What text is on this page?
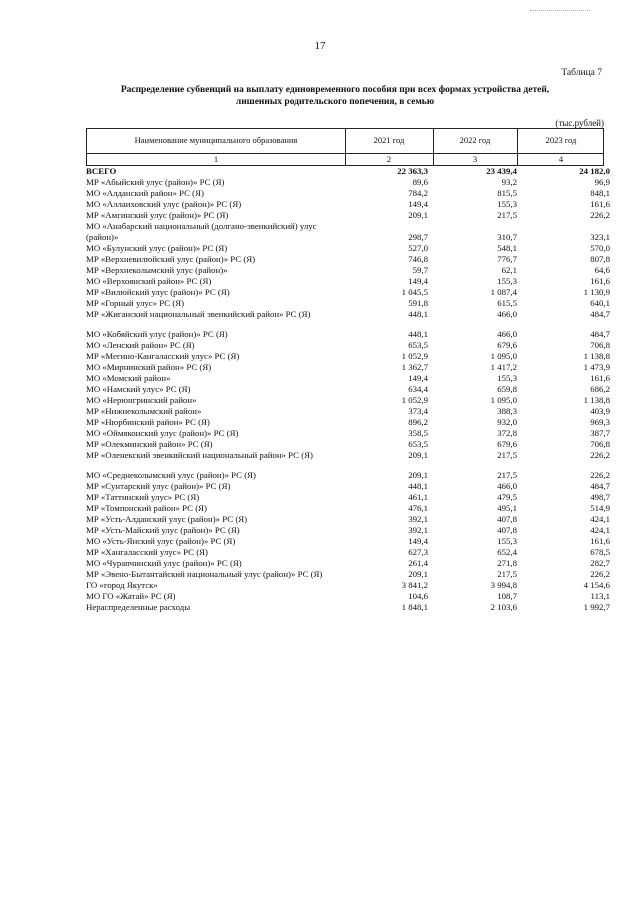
17
Таблица 7
Распределение субвенций на выплату единовременного пособия при всех формах устройства детей, лишенных родительского попечения, в семью
(тыс.рублей)
Наименование муниципального образования	2021 год	2022 год	2023 год
1	2	3	4
ВСЕГО	22 363,3	23 439,4	24 182,0
МР «Абыйский улус (район)» РС (Я)	89,6	93,2	96,9
МО «Алданский район» РС (Я)	784,2	815,5	848,1
МО «Аллаиховский улус (район)» РС (Я)	149,4	155,3	161,6
МР «Амгинский улус (район)» РС (Я)	209,1	217,5	226,2
МО «Анабарский национальный (долгано-эвенкийский) улус (район)»	298,7	310,7	323,1
МО «Булунский улус (район)» РС (Я)	527,0	548,1	570,0
МР «Верхневилюйский улус (район)» РС (Я)	746,8	776,7	807,8
МР «Верхнеколымский улус (район)»	59,7	62,1	64,6
МО «Верхоянский район» РС (Я)	149,4	155,3	161,6
МР «Вилюйский улус (район)» РС (Я)	1 045,5	1 087,4	1 130,9
МР «Горный улус» РС (Я)	591,8	615,5	640,1
МР «Жиганский национальный эвенкийский район» РС (Я)	448,1	466,0	484,7
МО «Кобяйский улус (район)» РС (Я)	448,1	466,0	484,7
МО «Ленский район» РС (Я)	653,5	679,6	706,8
МР «Мегино-Кангаласский улус» РС (Я)	1 052,9	1 095,0	1 138,8
МО «Мирнинский район» РС (Я)	1 362,7	1 417,2	1 473,9
МО «Момский район»	149,4	155,3	161,6
МО «Намский улус» РС (Я)	634,4	659,8	686,2
МО «Нерюнгринский район»	1 052,9	1 095,0	1 138,8
МР «Нижнеколымский район»	373,4	388,3	403,9
МР «Нюрбинский район» РС (Я)	896,2	932,0	969,3
МО «Оймяконский улус (район)» РС (Я)	358,5	372,8	387,7
МР «Олекминский район» РС (Я)	653,5	679,6	706,8
МР «Оленекский эвенкийский национальный район» РС (Я)	209,1	217,5	226,2
МО «Среднеколымский улус (район)» РС (Я)	209,1	217,5	226,2
МР «Сунтарский улус (район)» РС (Я)	448,1	466,0	484,7
МР «Таттинский улус» РС (Я)	461,1	479,5	498,7
МР «Томпонский район» РС (Я)	476,1	495,1	514,9
МР «Усть-Алданский улус (район)» РС (Я)	392,1	407,8	424,1
МР «Усть-Майский улус (район)» РС (Я)	392,1	407,8	424,1
МО «Усть-Янский улус (район)» РС (Я)	149,4	155,3	161,6
МР «Хангаласский улус» РС (Я)	627,3	652,4	678,5
МО «Чурапчинский улус (район)» РС (Я)	261,4	271,8	282,7
МР «Эвено-Бытантайский национальный улус (район)» РС (Я)	209,1	217,5	226,2
ГО «город Якутск»	3 841,2	3 994,8	4 154,6
МО ГО «Жатай» РС (Я)	104,6	108,7	113,1
Нераспределенные расходы	1 848,1	2 103,6	1 992,7
